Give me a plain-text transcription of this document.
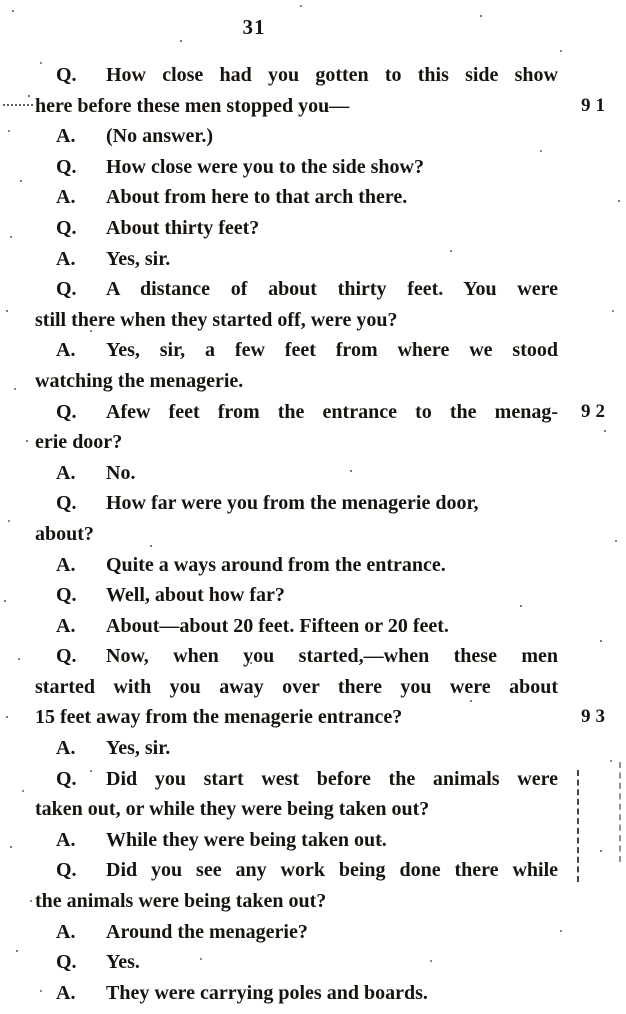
31
Q.	How close had you gotten to this side show
here before these men stopped you—	91
A.	(No answer.)
Q.	How close were you to the side show?
A.	About from here to that arch there.
Q.	About thirty feet?
A.	Yes, sir.
Q.	A distance of about thirty feet. You were
still there when they started off, were you?
A.	Yes, sir, a few feet from where we stood
watching the menagerie.
Q.	Afew feet from the entrance to the menag- 92
erie door?
A.	No.
Q.	How far were you from the menagerie door,
about?
A.	Quite a ways around from the entrance.
Q.	Well, about how far?
A.	About—about 20 feet. Fifteen or 20 feet.
Q.	Now, when you started,—when these men
started with you away over there you were about
15 feet away from the menagerie entrance?	93
A.	Yes, sir.
Q.	Did you start west before the animals were
taken out, or while they were being taken out?
A.	While they were being taken out.
Q.	Did you see any work being done there while
the animals were being taken out?
A.	Around the menagerie?
Q.	Yes.
A.	They were carrying poles and boards.
